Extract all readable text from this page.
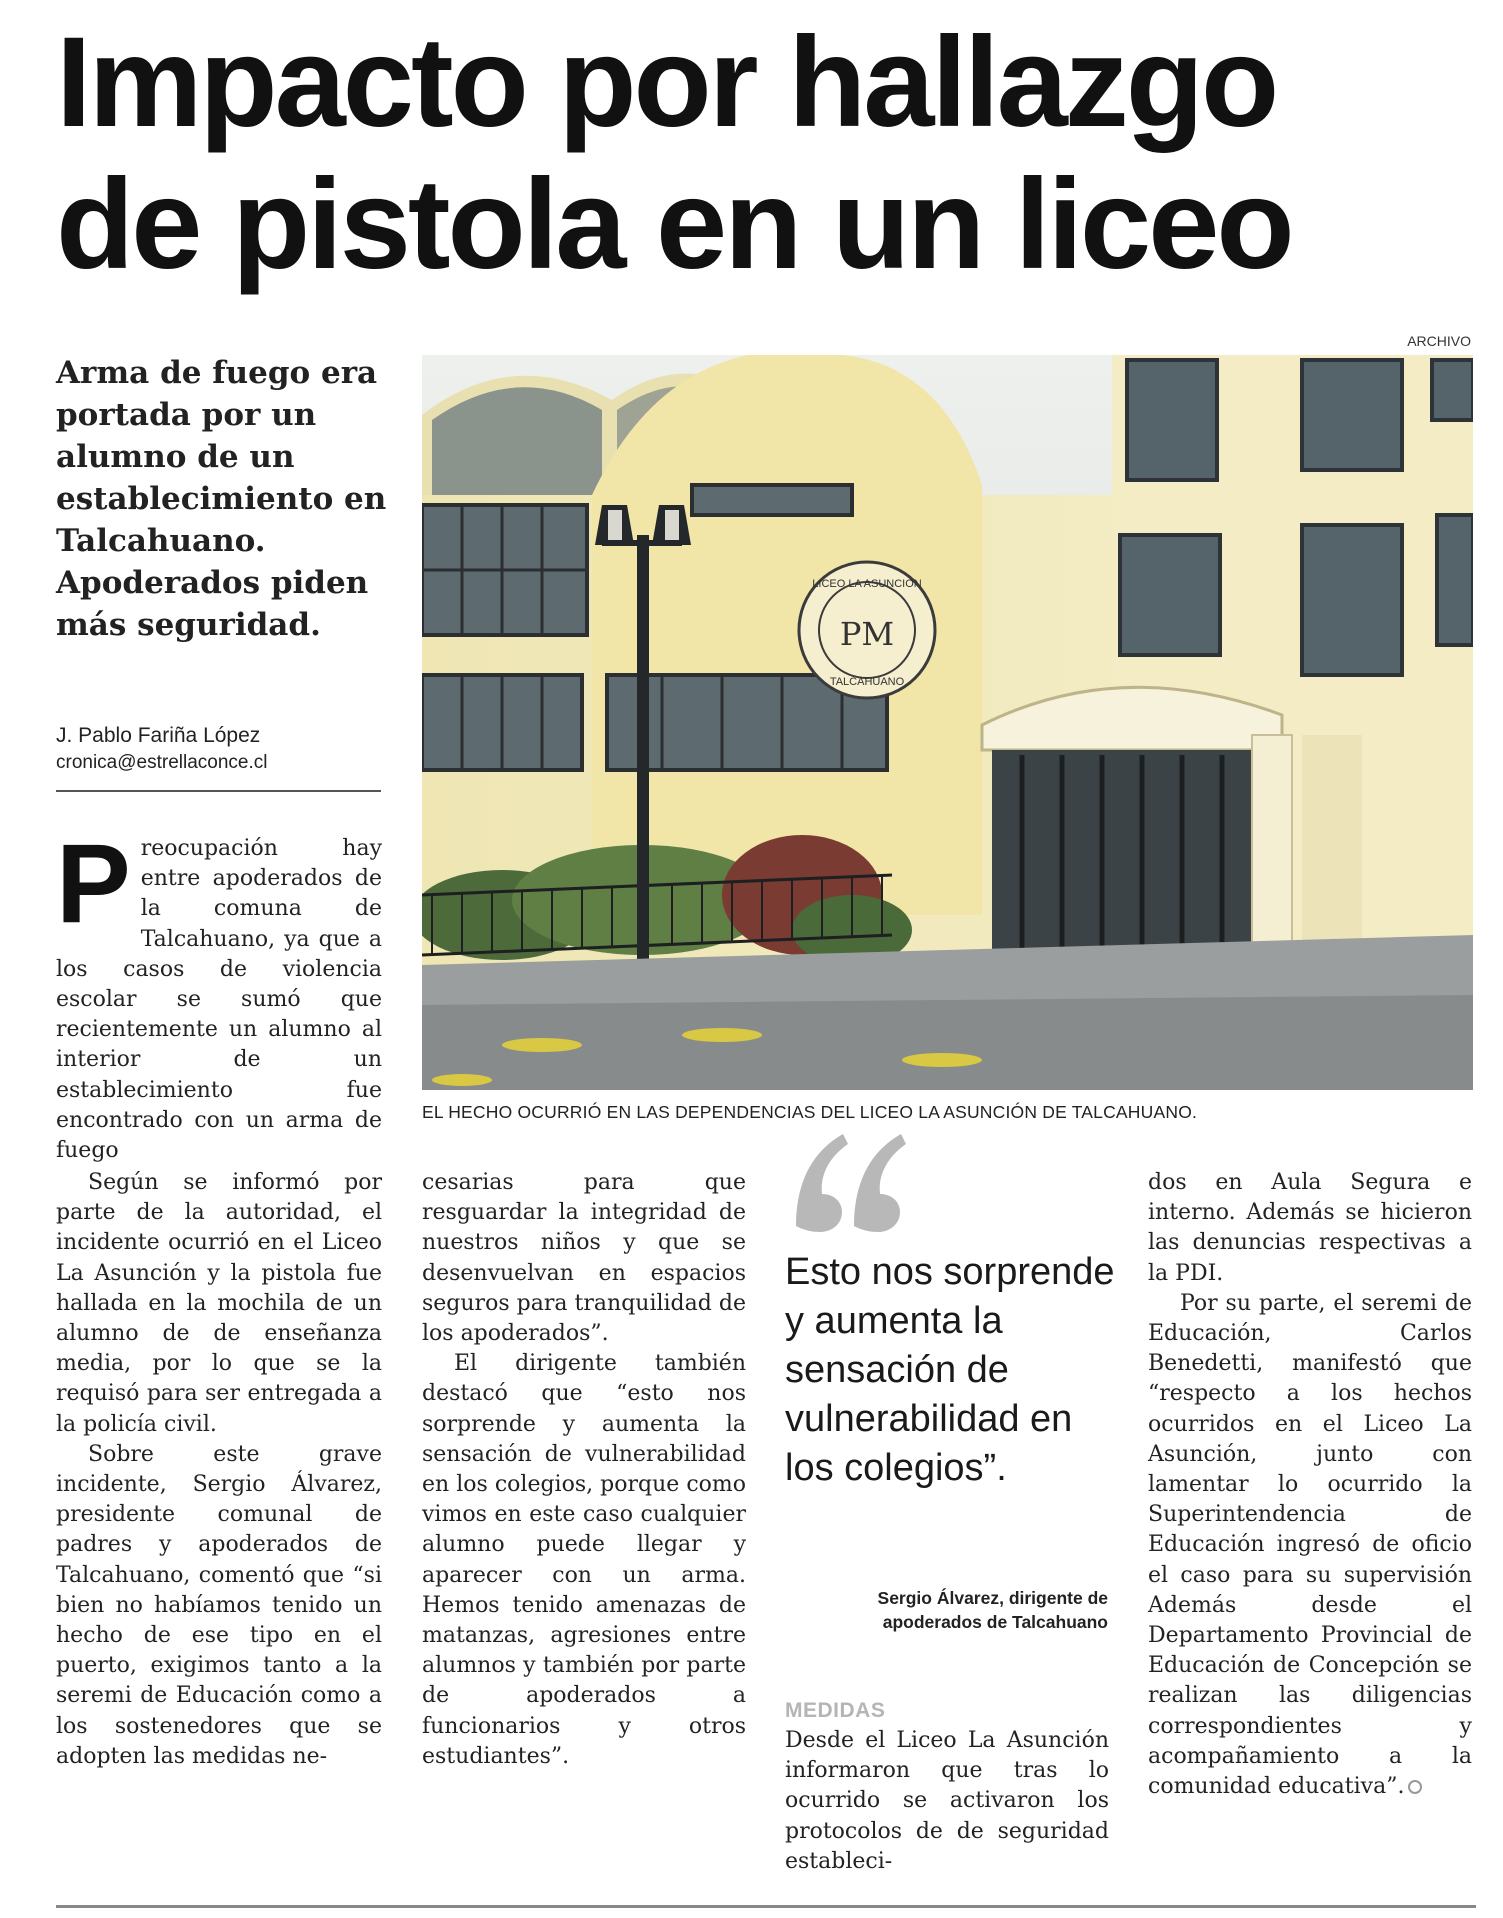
Impacto por hallazgo
de pistola en un liceo
ARCHIVO

Arma de fuego era portada por un alumno de un establecimiento en Talcahuano. Apoderados piden más seguridad.

J. Pablo Fariña López
cronica@estrellaconce.cl
PM
LICEO LA ASUNCION
TALCAHUANO
EL HECHO OCURRIÓ EN LAS DEPENDENCIAS DEL LICEO LA ASUNCIÓN DE TALCAHUANO.

Preocupación hay entre apoderados de la comuna de Talcahuano, ya que a los casos de violencia escolar se sumó que recientemente un alumno al interior de un establecimiento fue encontrado con un arma de fuego

Según se informó por parte de la autoridad, el incidente ocurrió en el Liceo La Asunción y la pistola fue hallada en la mochila de un alumno de de enseñanza media, por lo que se la requisó para ser entregada a la policía civil.

Sobre este grave incidente, Sergio Álvarez, presidente comunal de padres y apoderados de Talcahuano, comentó que “si bien no habíamos tenido un hecho de ese tipo en el puerto, exigimos tanto a la seremi de Educación como a los sostenedores que se adopten las medidas ne-

cesarias para que resguardar la integridad de nuestros niños y que se desenvuelvan en espacios seguros para tranquilidad de los apoderados”.

El dirigente también destacó que “esto nos sorprende y aumenta la sensación de vulnerabilidad en los colegios, porque como vimos en este caso cualquier alumno puede llegar y aparecer con un arma. Hemos tenido amenazas de matanzas, agresiones entre alumnos y también por parte de apoderados a funcionarios y otros estudiantes”.

Esto nos sorprende y aumenta la sensación de vulnerabilidad en los colegios”.

Sergio Álvarez, dirigente de apoderados de Talcahuano
MEDIDAS

Desde el Liceo La Asunción informaron que tras lo ocurrido se activaron los protocolos de de seguridad estableci-

dos en Aula Segura e interno. Además se hicieron las denuncias respectivas a la PDI.

Por su parte, el seremi de Educación, Carlos Benedetti, manifestó que “respecto a los hechos ocurridos en el Liceo La Asunción, junto con lamentar lo ocurrido la Superintendencia de Educación ingresó de oficio el caso para su supervisión Además desde el Departamento Provincial de Educación de Concepción se realizan las diligencias correspondientes y acompañamiento a la comunidad educativa”.
